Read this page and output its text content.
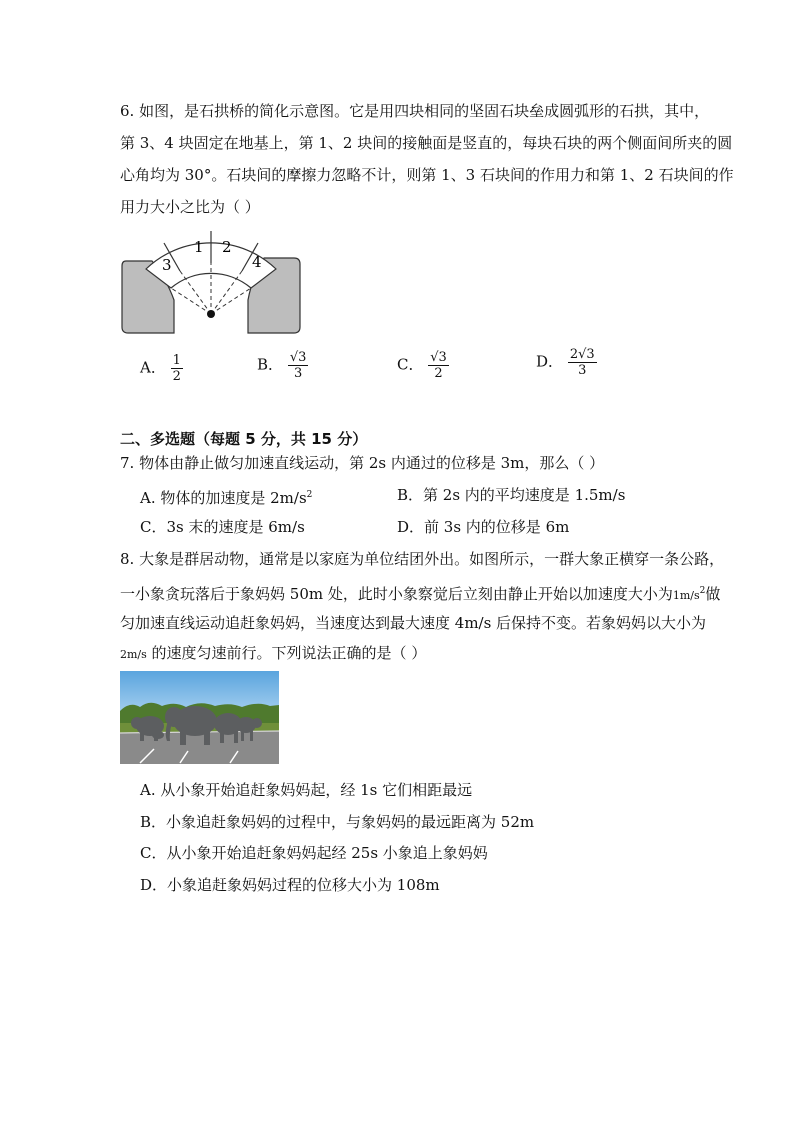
6. 如图，是石拱桥的简化示意图。它是用四块相同的坚固石块垒成圆弧形的石拱，其中，
第 3、4 块固定在地基上，第 1、2 块间的接触面是竖直的，每块石块的两个侧面间所夹的圆
心角均为 30°。石块间的摩擦力忽略不计，则第 1、3 石块间的作用力和第 1、2 石块间的作
用力大小之比为（ ）
1 2
3	4
A． $\frac{1}{2}$	B． $\frac{√3}{3}$	C． $\frac{√3}{2}$	D． $\frac{2√3}{3}$
二、多选题（每题 5 分，共 15 分）
7. 物体由静止做匀加速直线运动，第 2s 内通过的位移是 3m，那么（ ）
A. 物体的加速度是 $2m/s^2$	B．第 2s 内的平均速度是 1.5m/s
C．3s 末的速度是 6m/s	D．前 3s 内的位移是 6m
8. 大象是群居动物，通常是以家庭为单位结团外出。如图所示，一群大象正横穿一条公路，
一小象贪玩落后于象妈妈 50m 处，此时小象察觉后立刻由静止开始以加速度大小为$1m/s^2$做
匀加速直线运动追赶象妈妈，当速度达到最大速度 4m/s 后保持不变。若象妈妈以大小为
2m/s 的速度匀速前行。下列说法正确的是（ ）
A. 从小象开始追赶象妈妈起，经 1s 它们相距最远
B．小象追赶象妈妈的过程中，与象妈妈的最远距离为 52m
C．从小象开始追赶象妈妈起经 25s 小象追上象妈妈
D．小象追赶象妈妈过程的位移大小为 108m
